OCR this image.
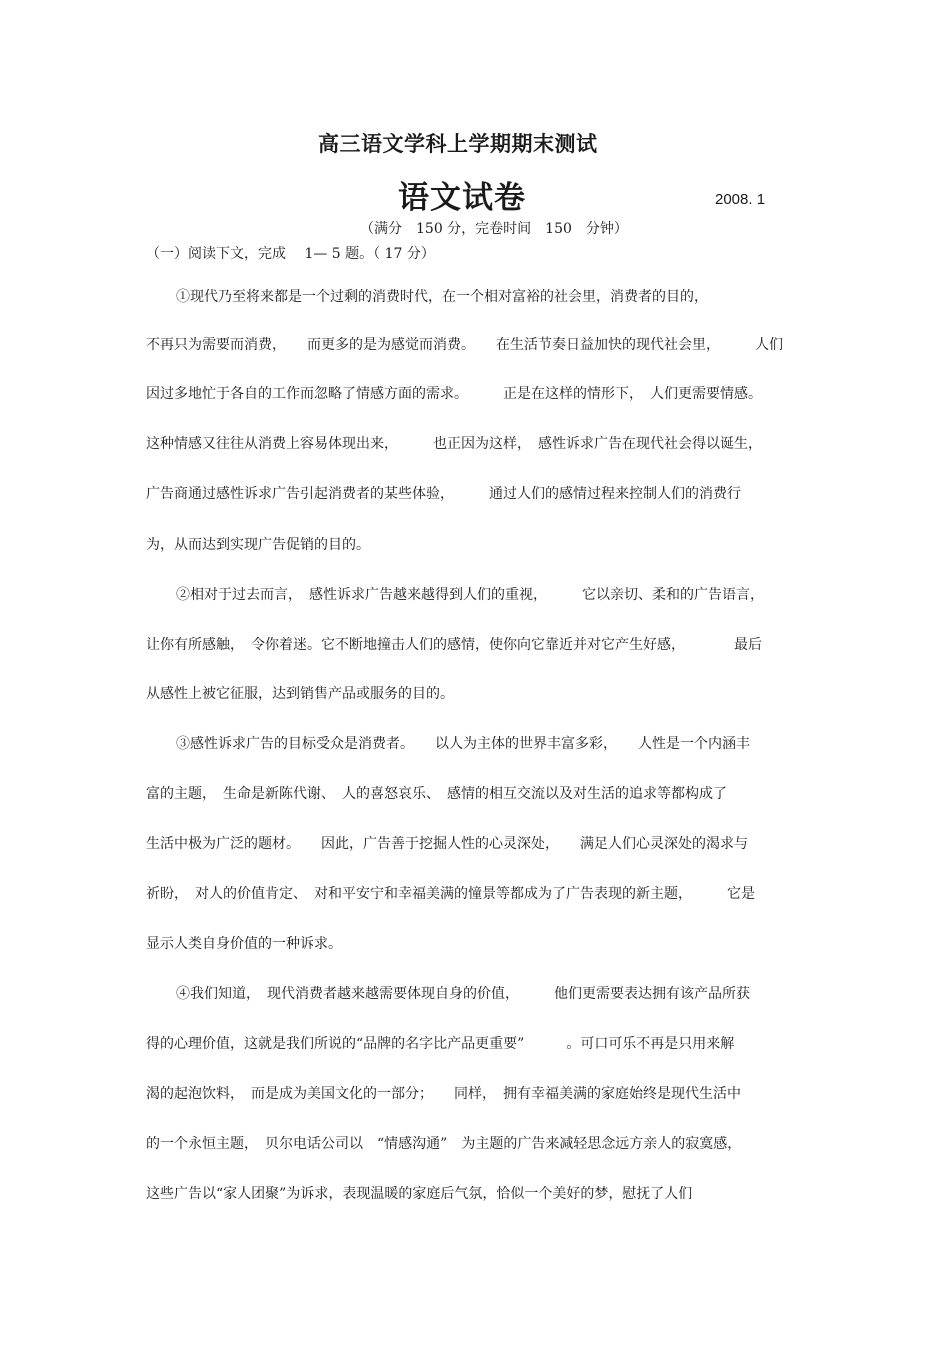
高三语文学科上学期期末测试
语文试卷	2008. 1
（满分　150 分，完卷时间　150　分钟）
（一）阅读下文，完成　 1— 5 题。（ 17 分）

①现代乃至将来都是一个过剩的消费时代，在一个相对富裕的社会里，消费者的目的，

不再只为需要而消费，　　而更多的是为感觉而消费。　　在生活节奏日益加快的现代社会里，　　　人们

因过多地忙于各自的工作而忽略了情感方面的需求。　　　正是在这样的情形下，　人们更需要情感。

这种情感又往往从消费上容易体现出来，　　　也正因为这样，　感性诉求广告在现代社会得以诞生，

广告商通过感性诉求广告引起消费者的某些体验，　　　通过人们的感情过程来控制人们的消费行

为，从而达到实现广告促销的目的。

②相对于过去而言，　感性诉求广告越来越得到人们的重视，　　　它以亲切、柔和的广告语言，

让你有所感触，　令你着迷。它不断地撞击人们的感情，使你向它靠近并对它产生好感，　　　　最后

从感性上被它征服，达到销售产品或服务的目的。

③感性诉求广告的目标受众是消费者。　　以人为主体的世界丰富多彩，　　人性是一个内涵丰

富的主题，　生命是新陈代谢、　人的喜怒哀乐、　感情的相互交流以及对生活的追求等都构成了

生活中极为广泛的题材。　　因此，广告善于挖掘人性的心灵深处，　　满足人们心灵深处的渴求与

祈盼，　对人的价值肯定、　对和平安宁和幸福美满的憧景等都成为了广告表现的新主题，　　　它是

显示人类自身价值的一种诉求。

④我们知道，　现代消费者越来越需要体现自身的价值，　　　他们更需要表达拥有该产品所获

得的心理价值，这就是我们所说的“品牌的名字比产品更重要”　　　。可口可乐不再是只用来解

渴的起泡饮料，　而是成为美国文化的一部分；　　同样，　拥有幸福美满的家庭始终是现代生活中

的一个永恒主题，　贝尔电话公司以　“情感沟通”　为主题的广告来减轻思念远方亲人的寂寞感，

这些广告以“家人团聚”为诉求，表现温暖的家庭后气氛，恰似一个美好的梦，慰抚了人们
